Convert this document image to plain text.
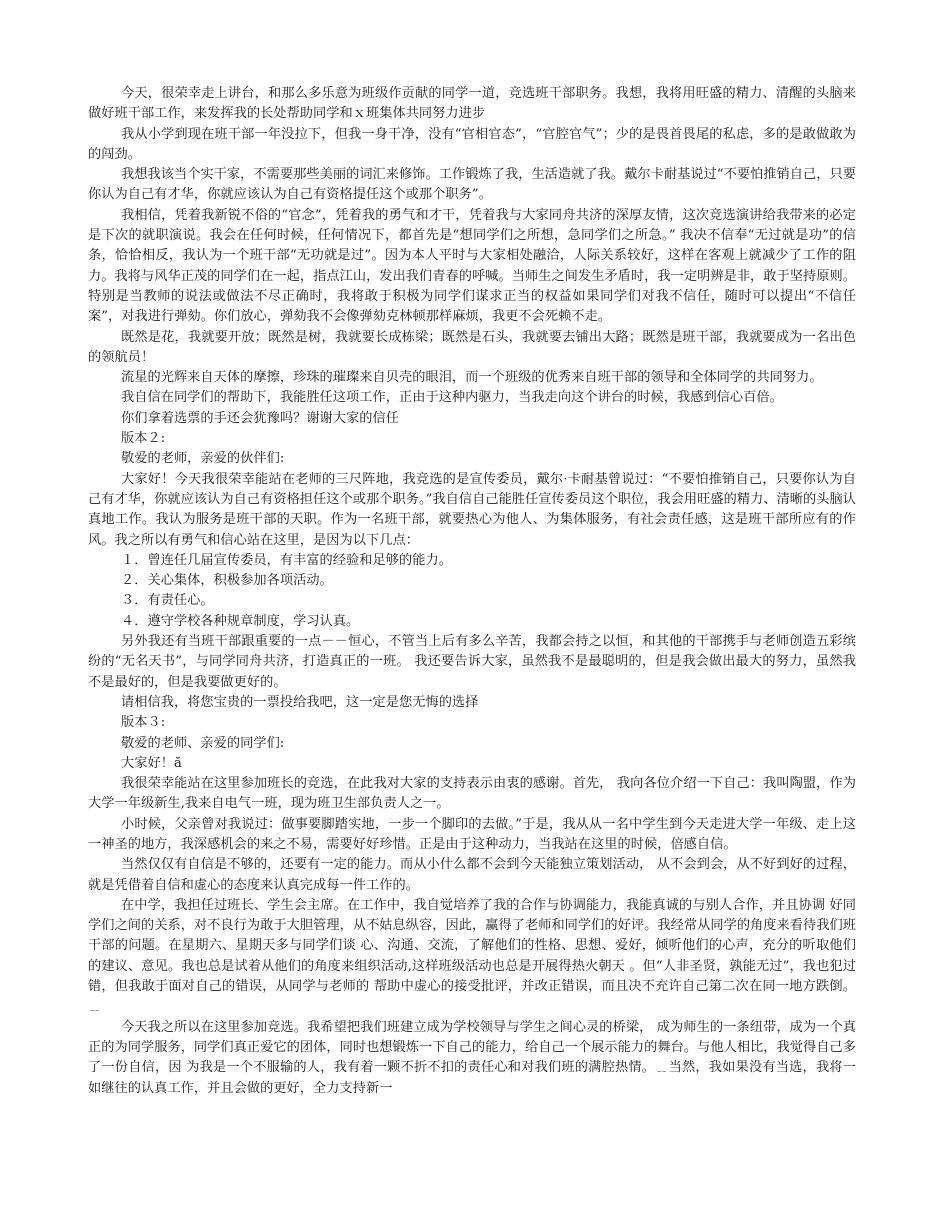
今天，很荣幸走上讲台，和那么多乐意为班级作贡献的同学一道，竞选班干部职务。我想，我将用旺盛的精力、清醒的头脑来做好班干部工作，来发挥我的长处帮助同学和ｘ班集体共同努力进步

我从小学到现在班干部一年没拉下，但我一身干净，没有“官相官态”，“官腔官气”；少的是畏首畏尾的私虑，多的是敢做敢为的闯劲。

我想我该当个实干家，不需要那些美丽的词汇来修饰。工作锻炼了我，生活造就了我。戴尔卡耐基说过“不要怕推销自己，只要你认为自己有才华，你就应该认为自己有资格提任这个或那个职务”。

我相信，凭着我新锐不俗的“官念”，凭着我的勇气和才干，凭着我与大家同舟共济的深厚友情，这次竞选演讲给我带来的必定是下次的就职演说。我会在任何时候，任何情况下，都首先是“想同学们之所想，急同学们之所急。” 我决不信奉“无过就是功”的信条，恰恰相反，我认为一个班干部“无功就是过”。因为本人平时与大家相处融洽，人际关系较好，这样在客观上就减少了工作的阻力。我将与风华正茂的同学们在一起，指点江山，发出我们青春的呼喊。当师生之间发生矛盾时，我一定明辨是非，敢于坚持原则。特别是当教师的说法或做法不尽正确时，我将敢于积极为同学们谋求正当的权益如果同学们对我不信任，随时可以提出“不信任案”，对我进行弹劾。你们放心，弹劾我不会像弹劾克林顿那样麻烦，我更不会死赖不走。

既然是花，我就要开放；既然是树，我就要长成栋梁；既然是石头，我就要去铺出大路；既然是班干部，我就要成为一名出色的领航员！

流星的光辉来自天体的摩擦，珍珠的璀璨来自贝壳的眼泪，而一个班级的优秀来自班干部的领导和全体同学的共同努力。

我自信在同学们的帮助下，我能胜任这项工作，正由于这种内驱力，当我走向这个讲台的时候，我感到信心百倍。

你们拿着选票的手还会犹豫吗？谢谢大家的信任

版本２:

敬爱的老师，亲爱的伙伴们:

大家好！今天我很荣幸能站在老师的三尺阵地，我竞选的是宣传委员，戴尔·卡耐基曾说过：“不要怕推销自己，只要你认为自己有才华，你就应该认为自己有资格担任这个或那个职务。”我自信自己能胜任宣传委员这个职位，我会用旺盛的精力、清晰的头脑认真地工作。我认为服务是班干部的天职。作为一名班干部，就要热心为他人、为集体服务，有社会责任感，这是班干部所应有的作风。我之所以有勇气和信心站在这里，是因为以下几点：

１．曾连任几届宣传委员，有丰富的经验和足够的能力。

２．关心集体，积极参加各项活动。

３．有责任心。

４．遵守学校各种规章制度，学习认真。

另外我还有当班干部跟重要的一点－－恒心，不管当上后有多么辛苦，我都会持之以恒，和其他的干部携手与老师创造五彩缤纷的“无名天书”，与同学同舟共济，打造真正的一班。 我还要告诉大家，虽然我不是最聪明的，但是我会做出最大的努力，虽然我不是最好的，但是我要做更好的。

请相信我，将您宝贵的一票投给我吧，这一定是您无悔的选择

版本３:

敬爱的老师、亲爱的同学们:

大家好！ă

我很荣幸能站在这里参加班长的竞选，在此我对大家的支持表示由衷的感谢。首先， 我向各位介绍一下自己：我叫陶盟，作为大学一年级新生,我来自电气一班，现为班卫生部负责人之一。

小时候，父亲曾对我说过：做事要脚踏实地，一步一个脚印的去做。”于是，我从从一名中学生到今天走进大学一年级、走上这一神圣的地方，我深感机会的来之不易，需要好好珍惜。正是由于这种动力，当我站在这里的时候，倍感自信。

当然仅仅有自信是不够的，还要有一定的能力。而从小什么都不会到今天能独立策划活动， 从不会到会，从不好到好的过程，就是凭借着自信和虚心的态度来认真完成每一件工作的。

在中学，我担任过班长、学生会主席。在工作中，我自觉培养了我的合作与协调能力，我能真诚的与别人合作，并且协调 好同学们之间的关系，对不良行为敢于大胆管理，从不姑息纵容，因此，赢得了老师和同学们的好评。我经常从同学的角度来看待我们班干部的问题。在星期六、星期天多与同学们谈 心、沟通、交流，了解他们的性格、思想、爱好，倾听他们的心声，充分的听取他们的建议、意见。我也总是试着从他们的角度来组织活动,这样班级活动也总是开展得热火朝天 。但“人非圣贤，孰能无过”，我也犯过错，但我敢于面对自己的错误，从同学与老师的 帮助中虚心的接受批评，并改正错误，而且决不充许自己第二次在同一地方跌倒。﹎

今天我之所以在这里参加竞选。我希望把我们班建立成为学校领导与学生之间心灵的桥梁， 成为师生的一条纽带，成为一个真正的为同学服务，同学们真正爱它的团体，同时也想锻炼一下自己的能力，给自己一个展示能力的舞台。与他人相比，我觉得自己多了一份自信，因 为我是一个不服输的人，我有着一颗不折不扣的责任心和对我们班的满腔热情。﹎当然，我如果没有当选，我将一如继往的认真工作，并且会做的更好，全力支持新一
